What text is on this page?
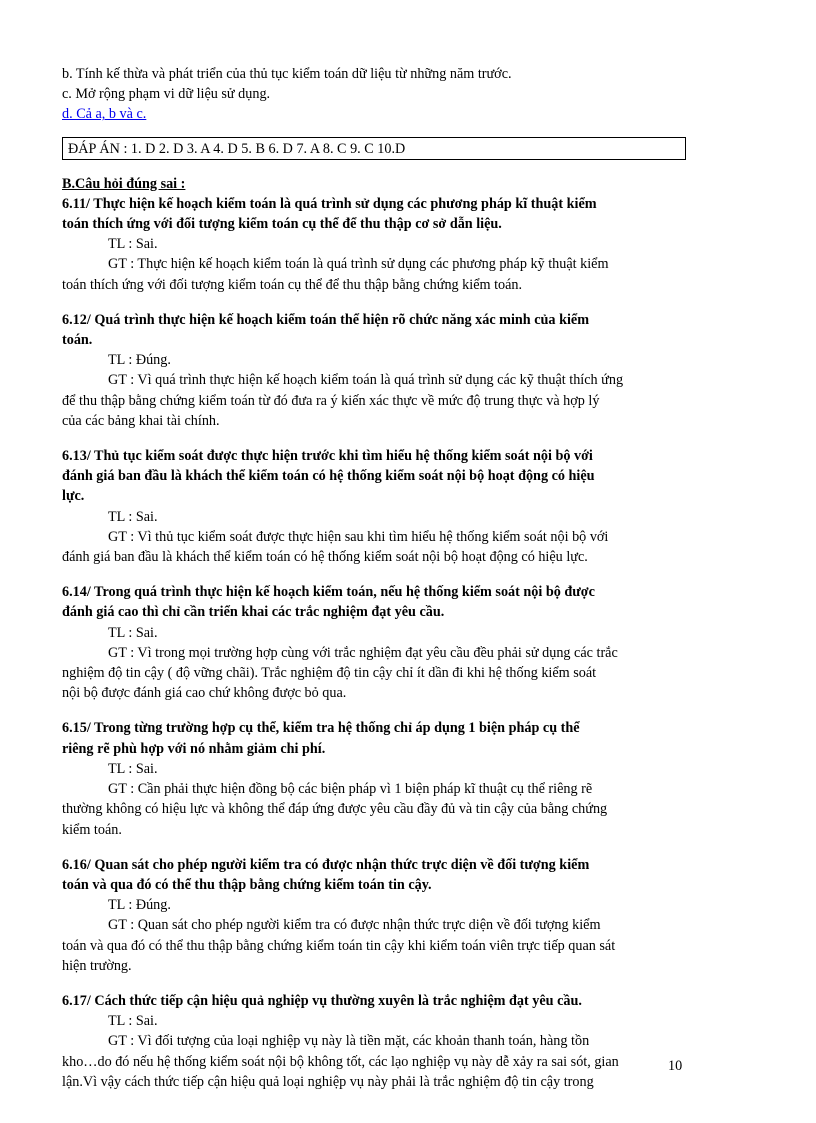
b. Tính kế thừa và phát triển của thủ tục kiểm toán dữ liệu từ những năm trước.
c. Mở rộng phạm vi dữ liệu sử dụng.
d. Cả a, b và c.
ĐÁP ÁN : 1. D 2. D 3. A 4. D 5. B 6. D 7. A 8. C 9. C 10.D
B.Câu hỏi đúng sai :
6.11/ Thực hiện kế hoạch kiểm toán là quá trình sử dụng các phương pháp kĩ thuật kiểm
toán thích ứng với đối tượng kiểm toán cụ thể để thu thập cơ sở dẫn liệu.
TL : Sai.
GT : Thực hiện kế hoạch kiểm toán là quá trình sử dụng các phương pháp kỹ thuật kiểm
toán thích ứng với đối tượng kiểm toán cụ thể để thu thập bằng chứng kiểm toán.
6.12/ Quá trình thực hiện kế hoạch kiểm toán thể hiện rõ chức năng xác minh của kiểm
toán.
TL : Đúng.
GT : Vì quá trình thực hiện kế hoạch kiểm toán là quá trình sử dụng các kỹ thuật thích ứng
để thu thập bằng chứng kiểm toán từ đó đưa ra ý kiến xác thực về mức độ trung thực và hợp lý
của các bảng khai tài chính.
6.13/ Thủ tục kiểm soát được thực hiện trước khi tìm hiểu hệ thống kiểm soát nội bộ với
đánh giá ban đầu là khách thể kiểm toán có hệ thống kiểm soát nội bộ hoạt động có hiệu
lực.
TL : Sai.
GT : Vì thủ tục kiểm soát được thực hiện sau khi tìm hiểu hệ thống kiểm soát nội bộ với
đánh giá ban đầu là khách thể kiểm toán có hệ thống kiểm soát nội bộ hoạt động có hiệu lực.
6.14/ Trong quá trình thực hiện kế hoạch kiểm toán, nếu hệ thống kiểm soát nội bộ được
đánh giá cao thì chỉ cần triển khai các trắc nghiệm đạt yêu cầu.
TL : Sai.
GT : Vì trong mọi trường hợp cùng với trắc nghiệm đạt yêu cầu đều phải sử dụng các trắc
nghiệm độ tin cậy ( độ vững chãi). Trắc nghiệm độ tin cậy chỉ ít dần đi khi hệ thống kiểm soát
nội bộ được đánh giá cao chứ không được bỏ qua.
6.15/ Trong từng trường hợp cụ thể, kiểm tra hệ thống chỉ áp dụng 1 biện pháp cụ thể
riêng rẽ phù hợp với nó nhằm giảm chi phí.
TL : Sai.
GT : Cần phải thực hiện đồng bộ các biện pháp vì 1 biện pháp kĩ thuật cụ thể riêng rẽ
thường không có hiệu lực và không thể đáp ứng được yêu cầu đầy đủ và tin cậy của bằng chứng
kiểm toán.
6.16/ Quan sát cho phép người kiểm tra có được nhận thức trực diện về đối tượng kiểm
toán và qua đó có thể thu thập bằng chứng kiểm toán tin cậy.
TL : Đúng.
GT : Quan sát cho phép người kiểm tra có được nhận thức trực diện về đối tượng kiểm
toán và qua đó có thể thu thập bằng chứng kiểm toán tin cậy khi kiểm toán viên trực tiếp quan sát
hiện trường.
6.17/ Cách thức tiếp cận hiệu quả nghiệp vụ thường xuyên là trắc nghiệm đạt yêu cầu.
TL : Sai.
GT : Vì đối tượng của loại nghiệp vụ này là tiền mặt, các khoản thanh toán, hàng tồn
kho…do đó nếu hệ thống kiểm soát nội bộ không tốt, các lạo nghiệp vụ này dễ xảy ra sai sót, gian
lận.Vì vậy cách thức tiếp cận hiệu quả loại nghiệp vụ này phải là trắc nghiệm độ tin cậy trong
10
